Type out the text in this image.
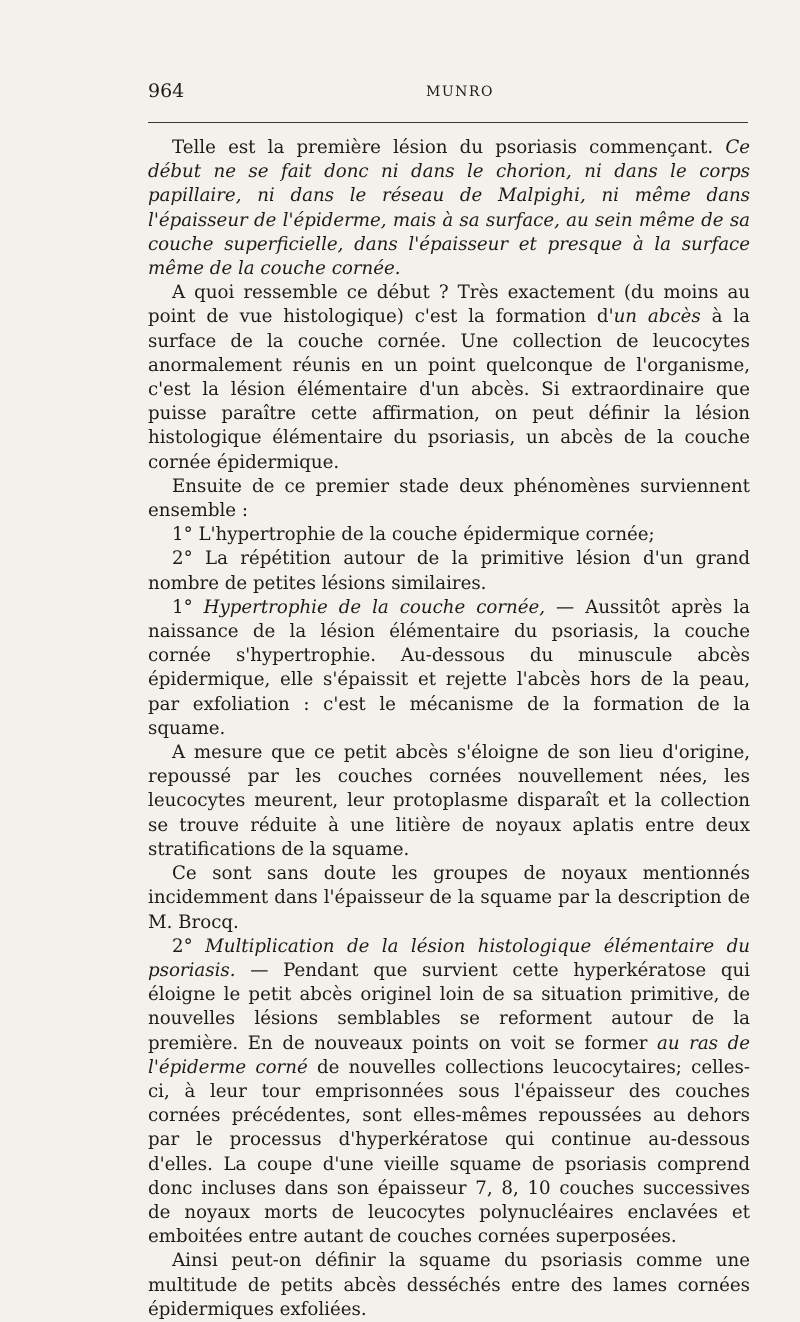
964	MUNRO

Telle est la première lésion du psoriasis commençant. Ce début ne se fait donc ni dans le chorion, ni dans le corps papillaire, ni dans le réseau de Malpighi, ni même dans l'épaisseur de l'épiderme, mais à sa surface, au sein même de sa couche superficielle, dans l'épaisseur et presque à la surface même de la couche cornée.

A quoi ressemble ce début ? Très exactement (du moins au point de vue histologique) c'est la formation d'un abcès à la surface de la couche cornée. Une collection de leucocytes anormalement réunis en un point quelconque de l'organisme, c'est la lésion élémentaire d'un abcès. Si extraordinaire que puisse paraître cette affirmation, on peut définir la lésion histologique élémentaire du psoriasis, un abcès de la couche cornée épidermique.

Ensuite de ce premier stade deux phénomènes surviennent ensemble :

1° L'hypertrophie de la couche épidermique cornée;

2° La répétition autour de la primitive lésion d'un grand nombre de petites lésions similaires.

1° Hypertrophie de la couche cornée, — Aussitôt après la naissance de la lésion élémentaire du psoriasis, la couche cornée s'hypertrophie. Au-dessous du minuscule abcès épidermique, elle s'épaissit et rejette l'abcès hors de la peau, par exfoliation : c'est le mécanisme de la formation de la squame.

A mesure que ce petit abcès s'éloigne de son lieu d'origine, repoussé par les couches cornées nouvellement nées, les leucocytes meurent, leur protoplasme disparaît et la collection se trouve réduite à une litière de noyaux aplatis entre deux stratifications de la squame.

Ce sont sans doute les groupes de noyaux mentionnés incidemment dans l'épaisseur de la squame par la description de M. Brocq.

2° Multiplication de la lésion histologique élémentaire du psoriasis. — Pendant que survient cette hyperkératose qui éloigne le petit abcès originel loin de sa situation primitive, de nouvelles lésions semblables se reforment autour de la première. En de nouveaux points on voit se former au ras de l'épiderme corné de nouvelles collections leucocytaires; celles-ci, à leur tour emprisonnées sous l'épaisseur des couches cornées précédentes, sont elles-mêmes repoussées au dehors par le processus d'hyperkératose qui continue au-dessous d'elles. La coupe d'une vieille squame de psoriasis comprend donc incluses dans son épaisseur 7, 8, 10 couches successives de noyaux morts de leucocytes polynucléaires enclavées et emboitées entre autant de couches cornées superposées.

Ainsi peut-on définir la squame du psoriasis comme une multitude de petits abcès desséchés entre des lames cornées épidermiques exfoliées.
